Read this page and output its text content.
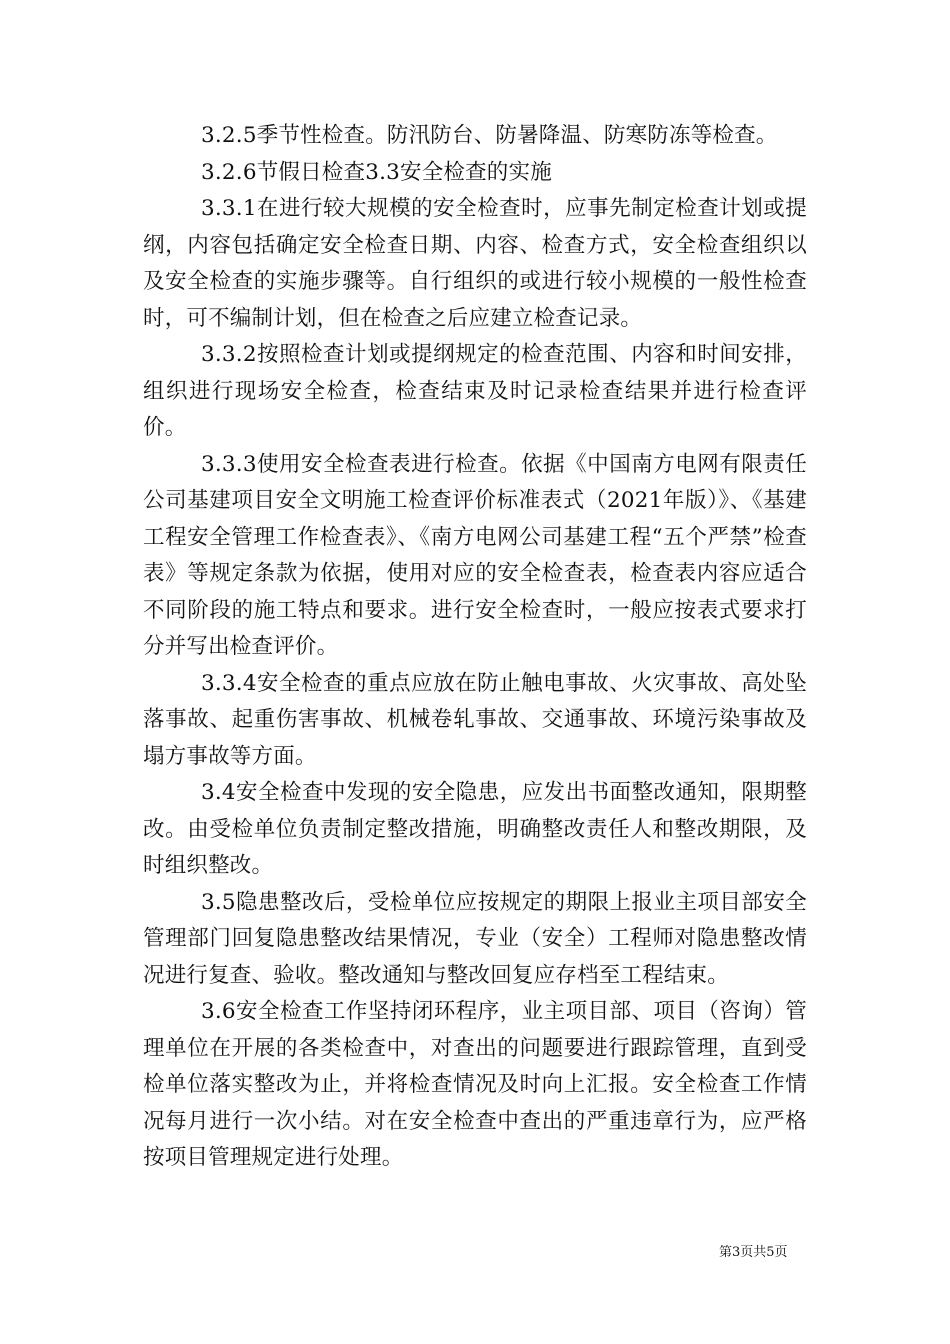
3.2.5季节性检查。防汛防台、防暑降温、防寒防冻等检查。

3.2.6节假日检查3.3安全检查的实施

3.3.1在进行较大规模的安全检查时，应事先制定检查计划或提纲，内容包括确定安全检查日期、内容、检查方式，安全检查组织以及安全检查的实施步骤等。自行组织的或进行较小规模的一般性检查时，可不编制计划，但在检查之后应建立检查记录。

3.3.2按照检查计划或提纲规定的检查范围、内容和时间安排，组织进行现场安全检查，检查结束及时记录检查结果并进行检查评价。

3.3.3使用安全检查表进行检查。依据《中国南方电网有限责任公司基建项目安全文明施工检查评价标准表式（2021年版）》、《基建工程安全管理工作检查表》、《南方电网公司基建工程“五个严禁”检查表》等规定条款为依据，使用对应的安全检查表，检查表内容应适合不同阶段的施工特点和要求。进行安全检查时，一般应按表式要求打分并写出检查评价。

3.3.4安全检查的重点应放在防止触电事故、火灾事故、高处坠落事故、起重伤害事故、机械卷轧事故、交通事故、环境污染事故及塌方事故等方面。

3.4安全检查中发现的安全隐患，应发出书面整改通知，限期整改。由受检单位负责制定整改措施，明确整改责任人和整改期限，及时组织整改。

3.5隐患整改后，受检单位应按规定的期限上报业主项目部安全管理部门回复隐患整改结果情况，专业（安全）工程师对隐患整改情况进行复查、验收。整改通知与整改回复应存档至工程结束。

3.6安全检查工作坚持闭环程序，业主项目部、项目（咨询）管理单位在开展的各类检查中，对查出的问题要进行跟踪管理，直到受检单位落实整改为止，并将检查情况及时向上汇报。安全检查工作情况每月进行一次小结。对在安全检查中查出的严重违章行为，应严格按项目管理规定进行处理。

第3页共5页
